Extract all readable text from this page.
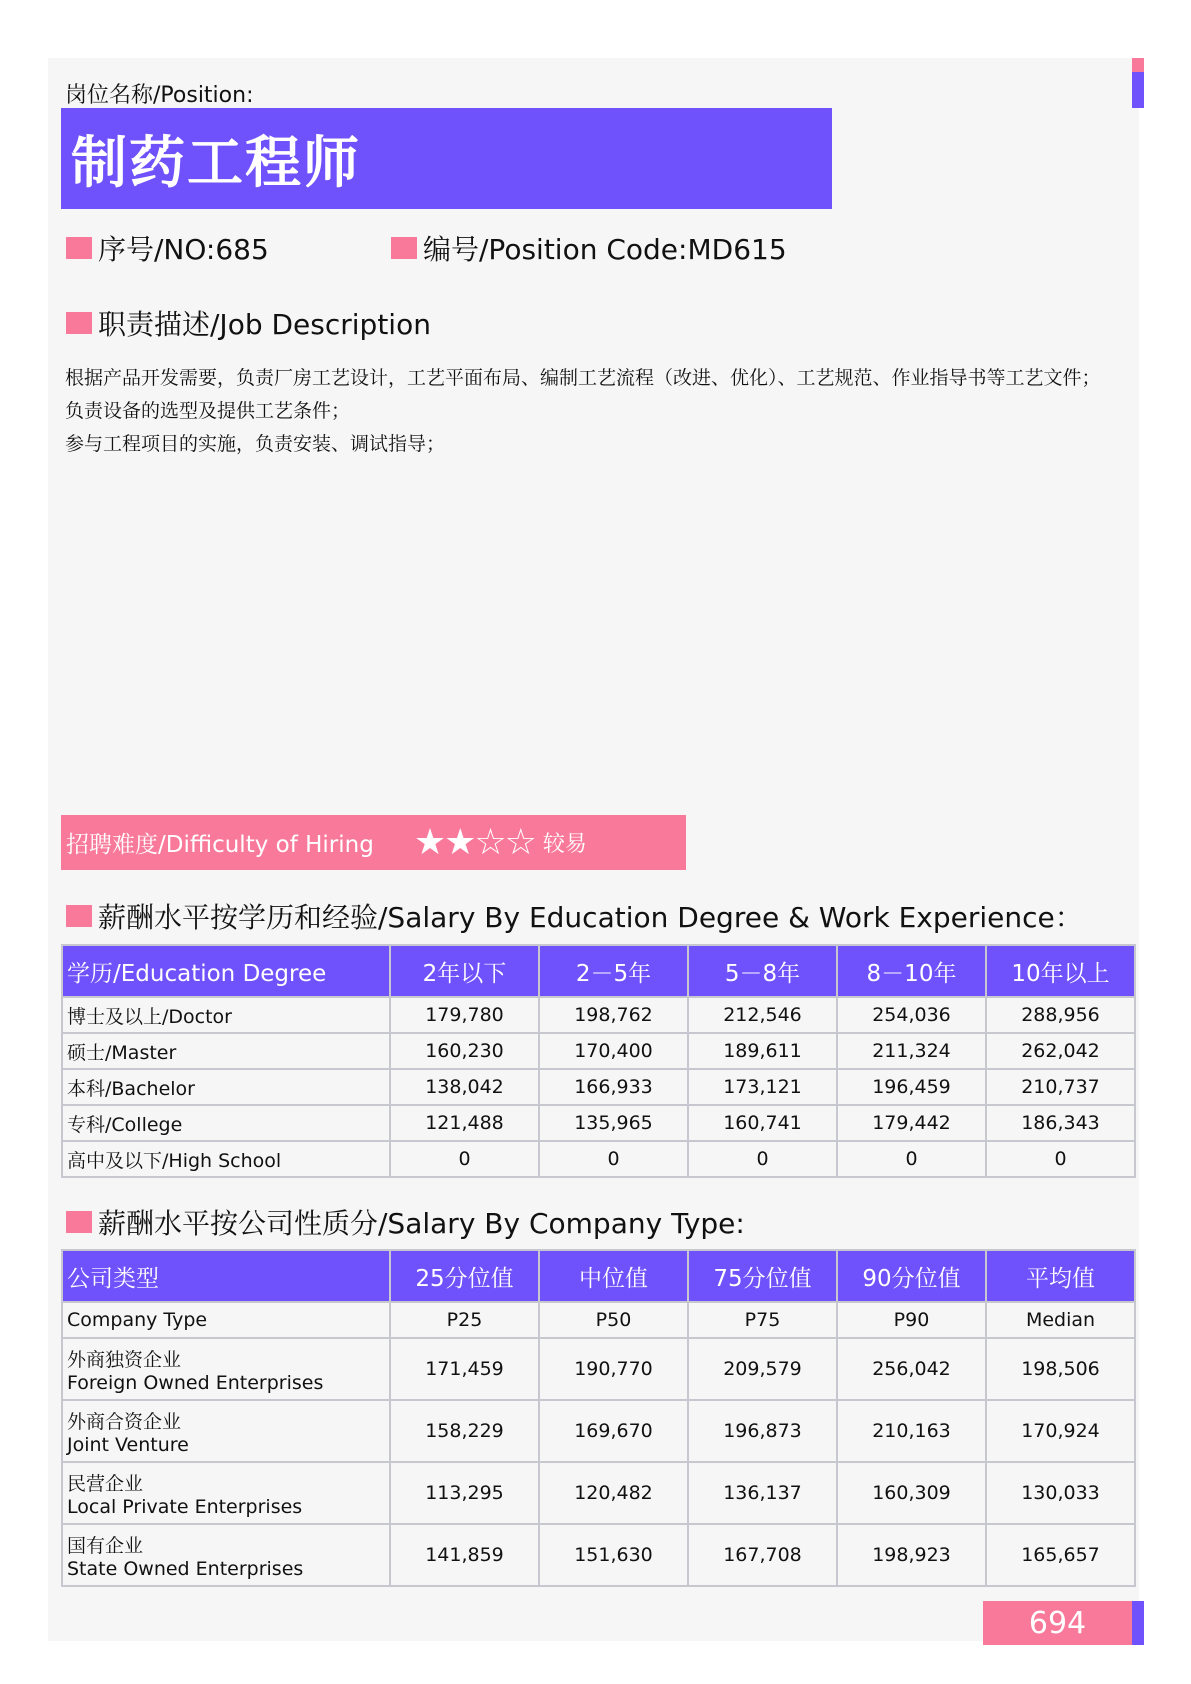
岗位名称/Position:
制药工程师
序号/NO:685	编号/Position Code:MD615
职责描述/Job Description
根据产品开发需要，负责厂房工艺设计，工艺平面布局、编制工艺流程（改进、优化）、工艺规范、作业指导书等工艺文件；
负责设备的选型及提供工艺条件；
参与工程项目的实施，负责安装、调试指导；
招聘难度/Difficulty of Hiring ★★☆☆ 较易
薪酬水平按学历和经验/Salary By Education Degree & Work Experience：
学历/Education Degree	2年以下	2－5年	5－8年	8－10年	10年以上
博士及以上/Doctor	179,780	198,762	212,546	254,036	288,956
硕士/Master	160,230	170,400	189,611	211,324	262,042
本科/Bachelor	138,042	166,933	173,121	196,459	210,737
专科/College	121,488	135,965	160,741	179,442	186,343
高中及以下/High School	0	0	0	0	0
薪酬水平按公司性质分/Salary By Company Type:
公司类型	25分位值	中位值	75分位值	90分位值	平均值
Company Type	P25	P50	P75	P90	Median

外商独资企业
Foreign Owned Enterprises	171,459	190,770	209,579	256,042	198,506

外商合资企业
Joint Venture	158,229	169,670	196,873	210,163	170,924

民营企业
Local Private Enterprises	113,295	120,482	136,137	160,309	130,033

国有企业
State Owned Enterprises	141,859	151,630	167,708	198,923	165,657
694
